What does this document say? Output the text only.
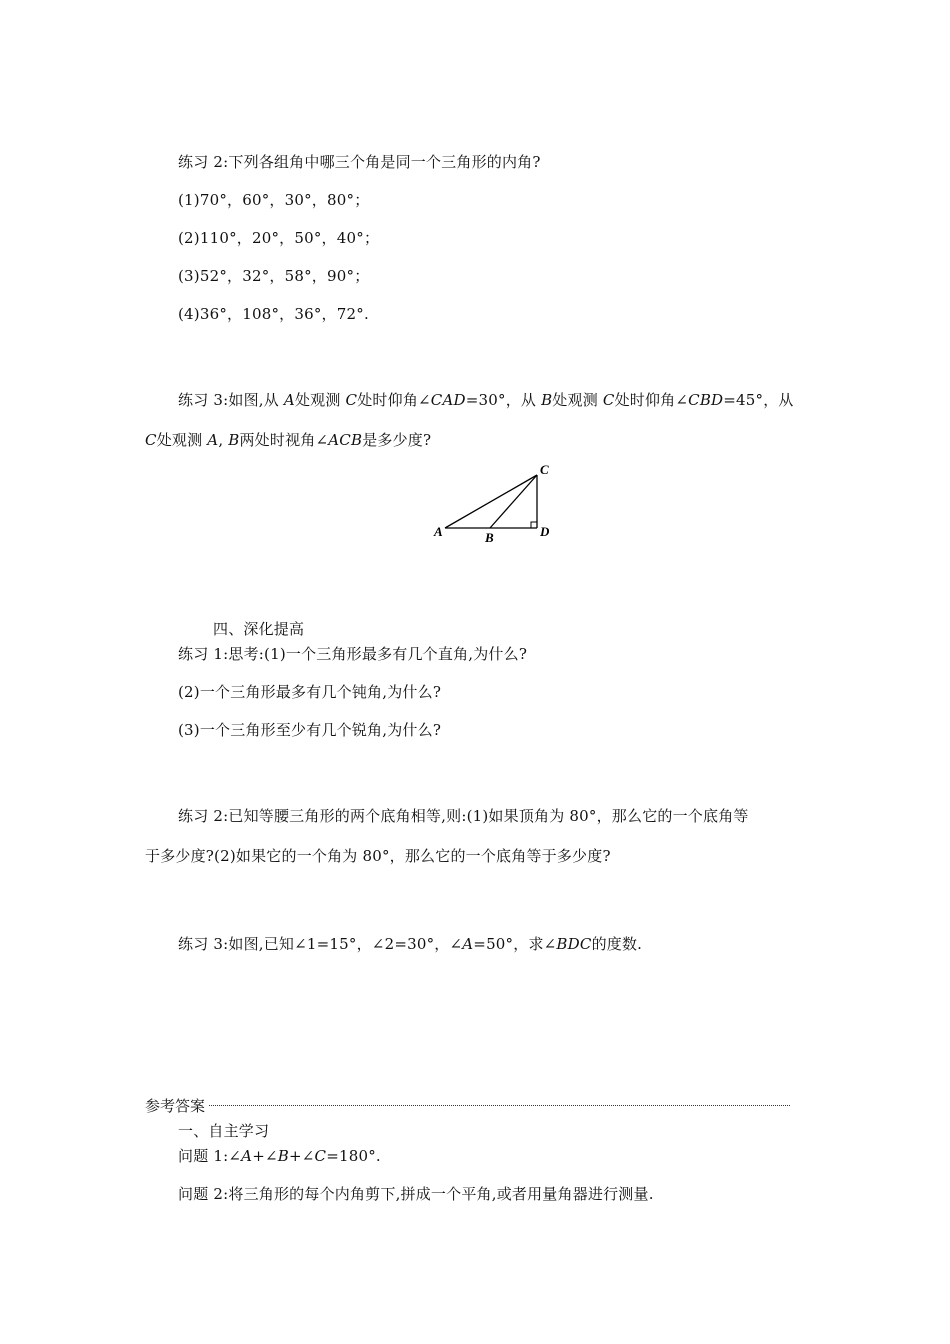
练习 2:下列各组角中哪三个角是同一个三角形的内角?
(1)70°，60°，30°，80°；
(2)110°，20°，50°，40°；
(3)52°，32°，58°，90°；
(4)36°，108°，36°，72°.
练习 3:如图,从 A处观测 C处时仰角∠CAD=30°，从 B处观测 C处时仰角∠CBD=45°，从
C处观测 A, B两处时视角∠ACB是多少度?
A	B
C
D
四、深化提高
练习 1:思考:(1)一个三角形最多有几个直角,为什么?
(2)一个三角形最多有几个钝角,为什么?
(3)一个三角形至少有几个锐角,为什么?
练习 2:已知等腰三角形的两个底角相等,则:(1)如果顶角为 80°，那么它的一个底角等
于多少度?(2)如果它的一个角为 80°，那么它的一个底角等于多少度?
练习 3:如图,已知∠1=15°，∠2=30°，∠A=50°，求∠BDC的度数.
参考答案
一、自主学习
问题 1:∠A+∠B+∠C=180°.
问题 2:将三角形的每个内角剪下,拼成一个平角,或者用量角器进行测量.
